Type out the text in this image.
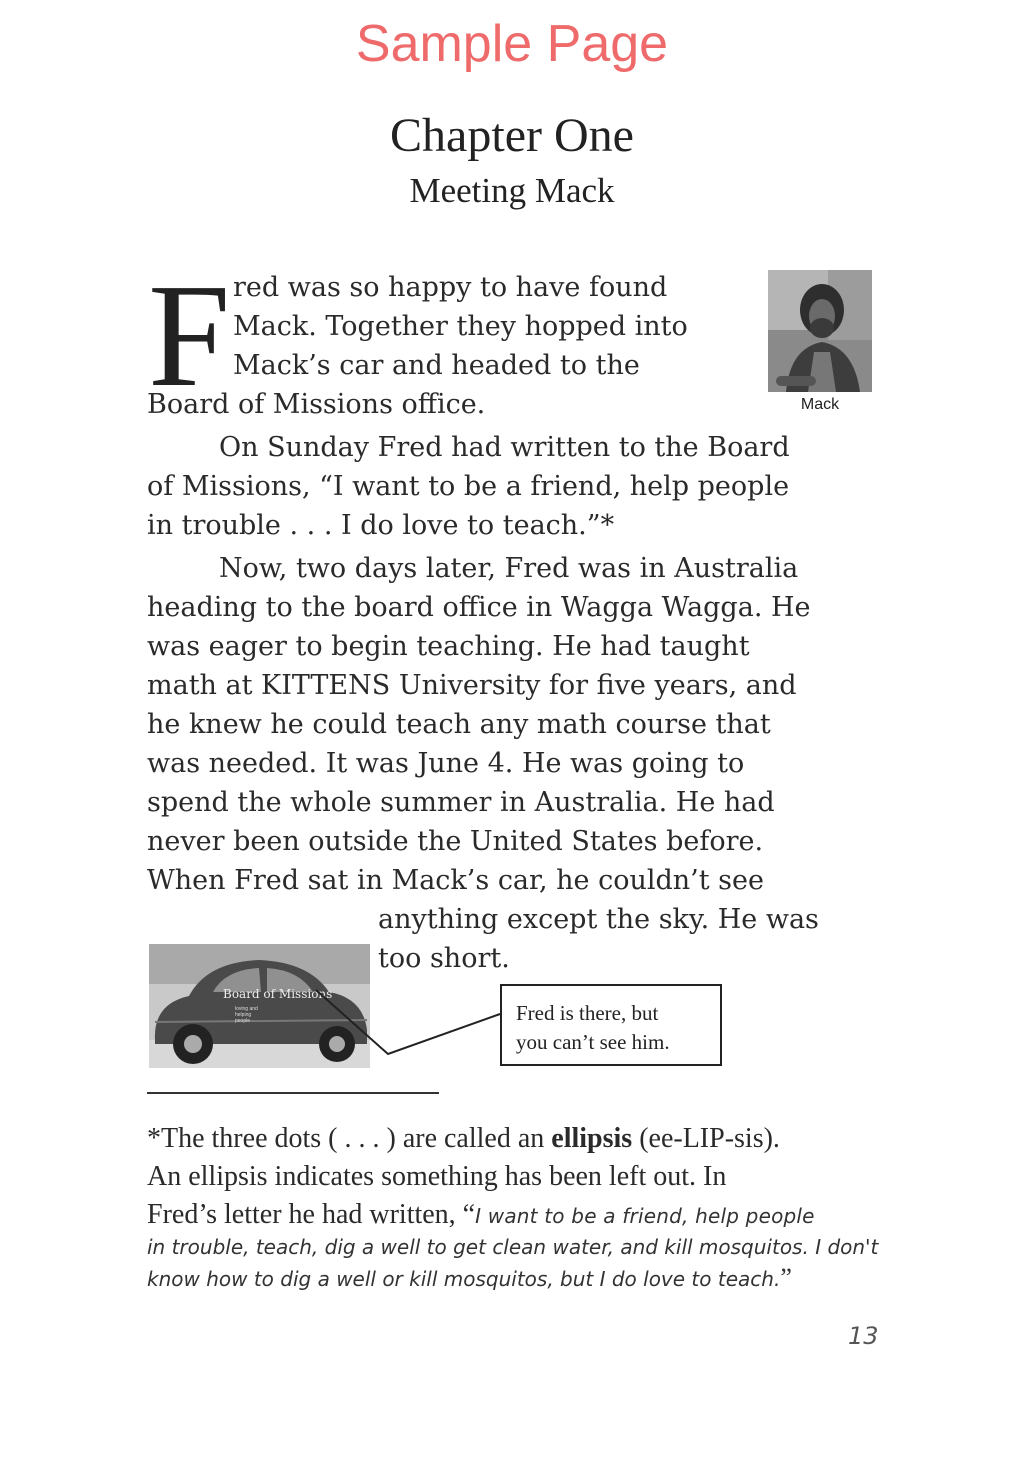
Sample Page
Chapter One
Meeting Mack
F red was so happy to have found
Mack. Together they hopped into
Mack’s car and headed to the
Board of Missions office.
On Sunday Fred had written to the Board
of Missions, “I want to be a friend, help people
in trouble . . . I do love to teach.”*
Now, two days later, Fred was in Australia
heading to the board office in Wagga Wagga. He
was eager to begin teaching. He had taught
math at KITTENS University for five years, and
he knew he could teach any math course that
was needed. It was June 4. He was going to
spend the whole summer in Australia. He had
never been outside the United States before.
When Fred sat in Mack’s car, he couldn’t see
anything except the sky. He was
too short.
Mack
Board of Missions
loving and
helping
people	Fred is there, but
you can’t see him.
*The three dots ( . . . ) are called an ellipsis (ee-LIP-sis).
An ellipsis indicates something has been left out. In
Fred’s letter he had written, “I want to be a friend, help people
in trouble, teach, dig a well to get clean water, and kill mosquitos. I don't
know how to dig a well or kill mosquitos, but I do love to teach.”
13
